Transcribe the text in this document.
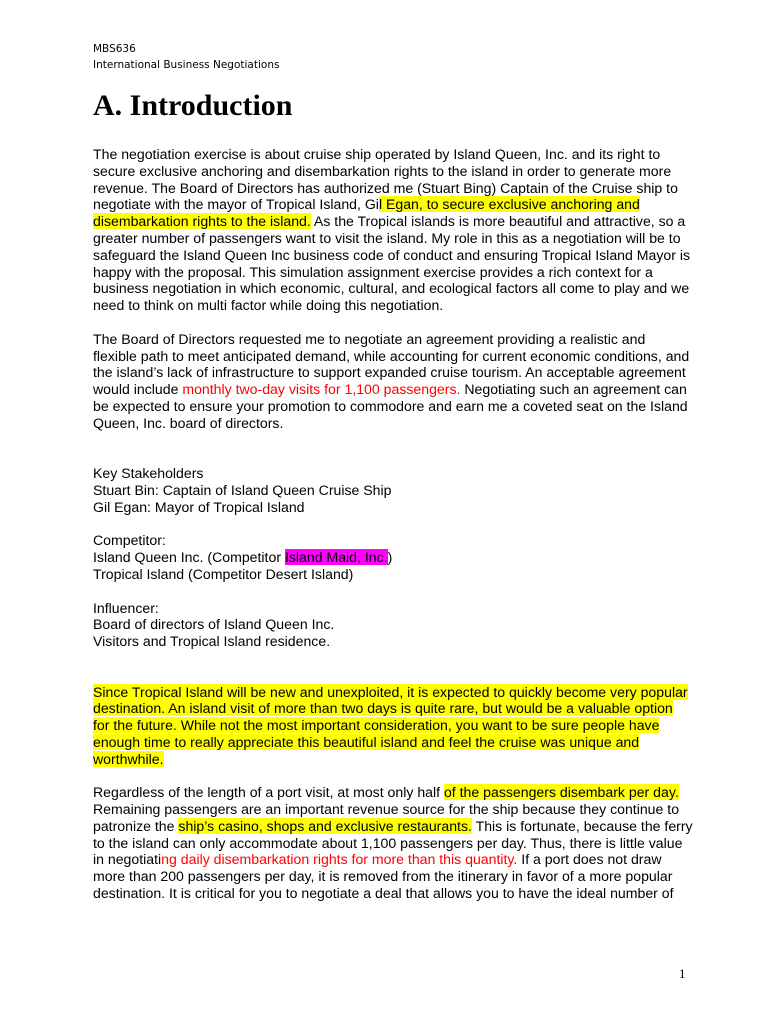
MBS636
International Business Negotiations
A. Introduction

The negotiation exercise is about cruise ship operated by Island Queen, Inc. and its right to secure exclusive anchoring and disembarkation rights to the island in order to generate more revenue. The Board of Directors has authorized me (Stuart Bing) Captain of the Cruise ship to negotiate with the mayor of Tropical Island, Gil Egan, to secure exclusive anchoring and disembarkation rights to the island. As the Tropical islands is more beautiful and attractive, so a greater number of passengers want to visit the island. My role in this as a negotiation will be to safeguard the Island Queen Inc business code of conduct and ensuring Tropical Island Mayor is happy with the proposal. This simulation assignment exercise provides a rich context for a business negotiation in which economic, cultural, and ecological factors all come to play and we need to think on multi factor while doing this negotiation.

The Board of Directors requested me to negotiate an agreement providing a realistic and flexible path to meet anticipated demand, while accounting for current economic conditions, and the island’s lack of infrastructure to support expanded cruise tourism. An acceptable agreement would include monthly two-day visits for 1,100 passengers. Negotiating such an agreement can be expected to ensure your promotion to commodore and earn me a coveted seat on the Island Queen, Inc. board of directors.

Key Stakeholders
Stuart Bin: Captain of Island Queen Cruise Ship
Gil Egan: Mayor of Tropical Island

Competitor:
Island Queen Inc. (Competitor Island Maid, Inc.)
Tropical Island (Competitor Desert Island)

Influencer:
Board of directors of Island Queen Inc.
Visitors and Tropical Island residence.

Since Tropical Island will be new and unexploited, it is expected to quickly become very popular destination. An island visit of more than two days is quite rare, but would be a valuable option for the future. While not the most important consideration, you want to be sure people have enough time to really appreciate this beautiful island and feel the cruise was unique and worthwhile.

Regardless of the length of a port visit, at most only half of the passengers disembark per day. Remaining passengers are an important revenue source for the ship because they continue to patronize the ship’s casino, shops and exclusive restaurants. This is fortunate, because the ferry to the island can only accommodate about 1,100 passengers per day. Thus, there is little value in negotiating daily disembarkation rights for more than this quantity. If a port does not draw more than 200 passengers per day, it is removed from the itinerary in favor of a more popular destination. It is critical for you to negotiate a deal that allows you to have the ideal number of

1
